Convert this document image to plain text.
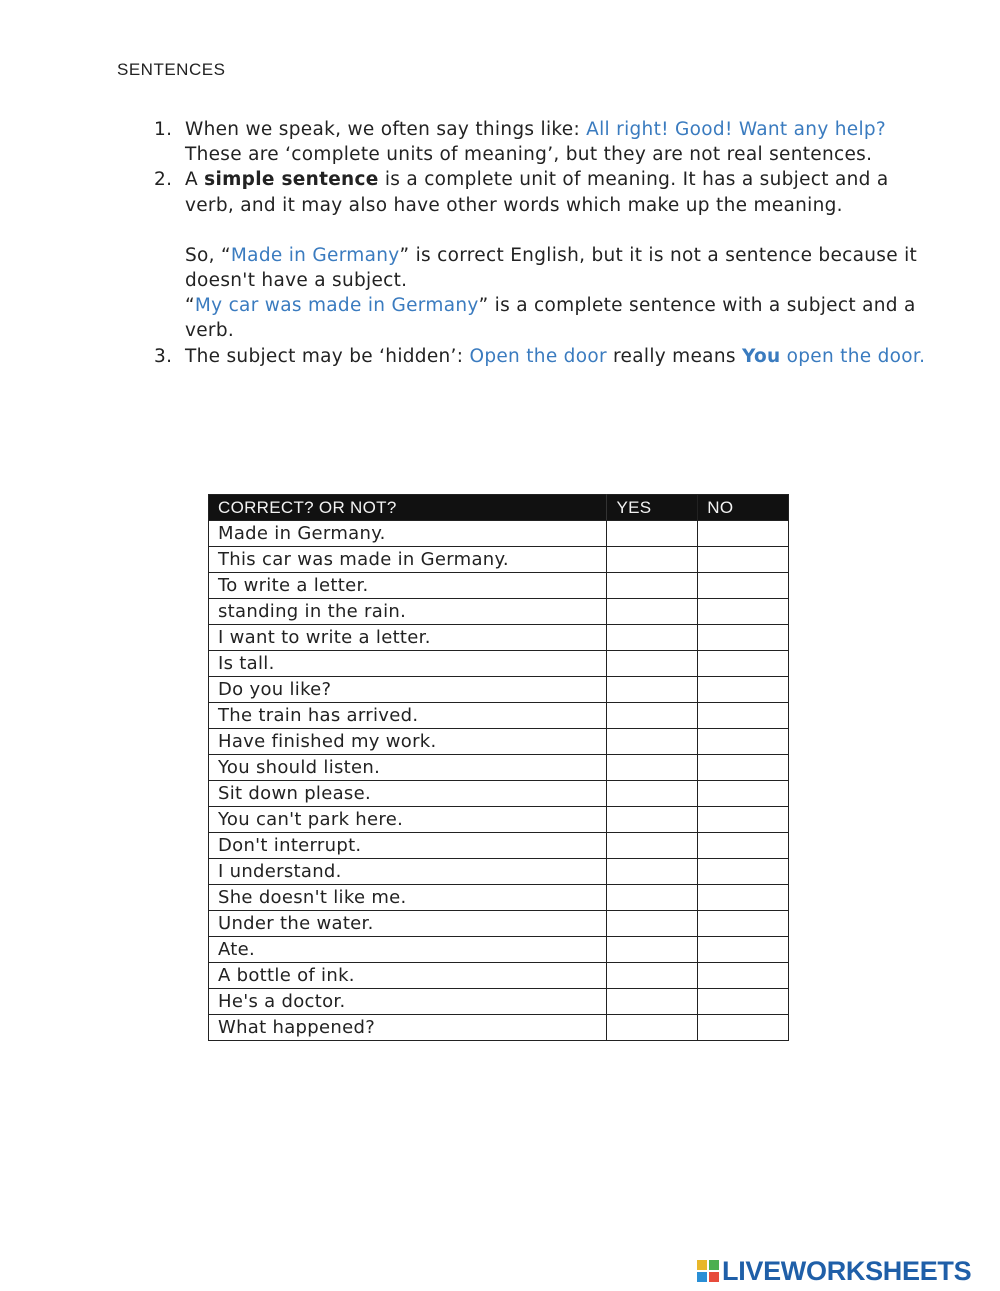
SENTENCES
1. When we speak, we often say things like: All right! Good! Want any help? These are ‘complete units of meaning’, but they are not real sentences.
2. A simple sentence is a complete unit of meaning. It has a subject and a verb, and it may also have other words which make up the meaning.
So, “Made in Germany” is correct English, but it is not a sentence because it doesn't have a subject.
“My car was made in Germany” is a complete sentence with a subject and a verb.
3. The subject may be ‘hidden’: Open the door really means You open the door.
CORRECT? OR NOT?	YES	NO
Made in Germany.		
This car was made in Germany.		
To write a letter.		
standing in the rain.		
I want to write a letter.		
Is tall.		
Do you like?		
The train has arrived.		
Have finished my work.		
You should listen.		
Sit down please.		
You can't park here.		
Don't interrupt.		
I understand.		
She doesn't like me.		
Under the water.		
Ate.		
A bottle of ink.		
He's a doctor.		
What happened?		
LIVEWORKSHEETS
